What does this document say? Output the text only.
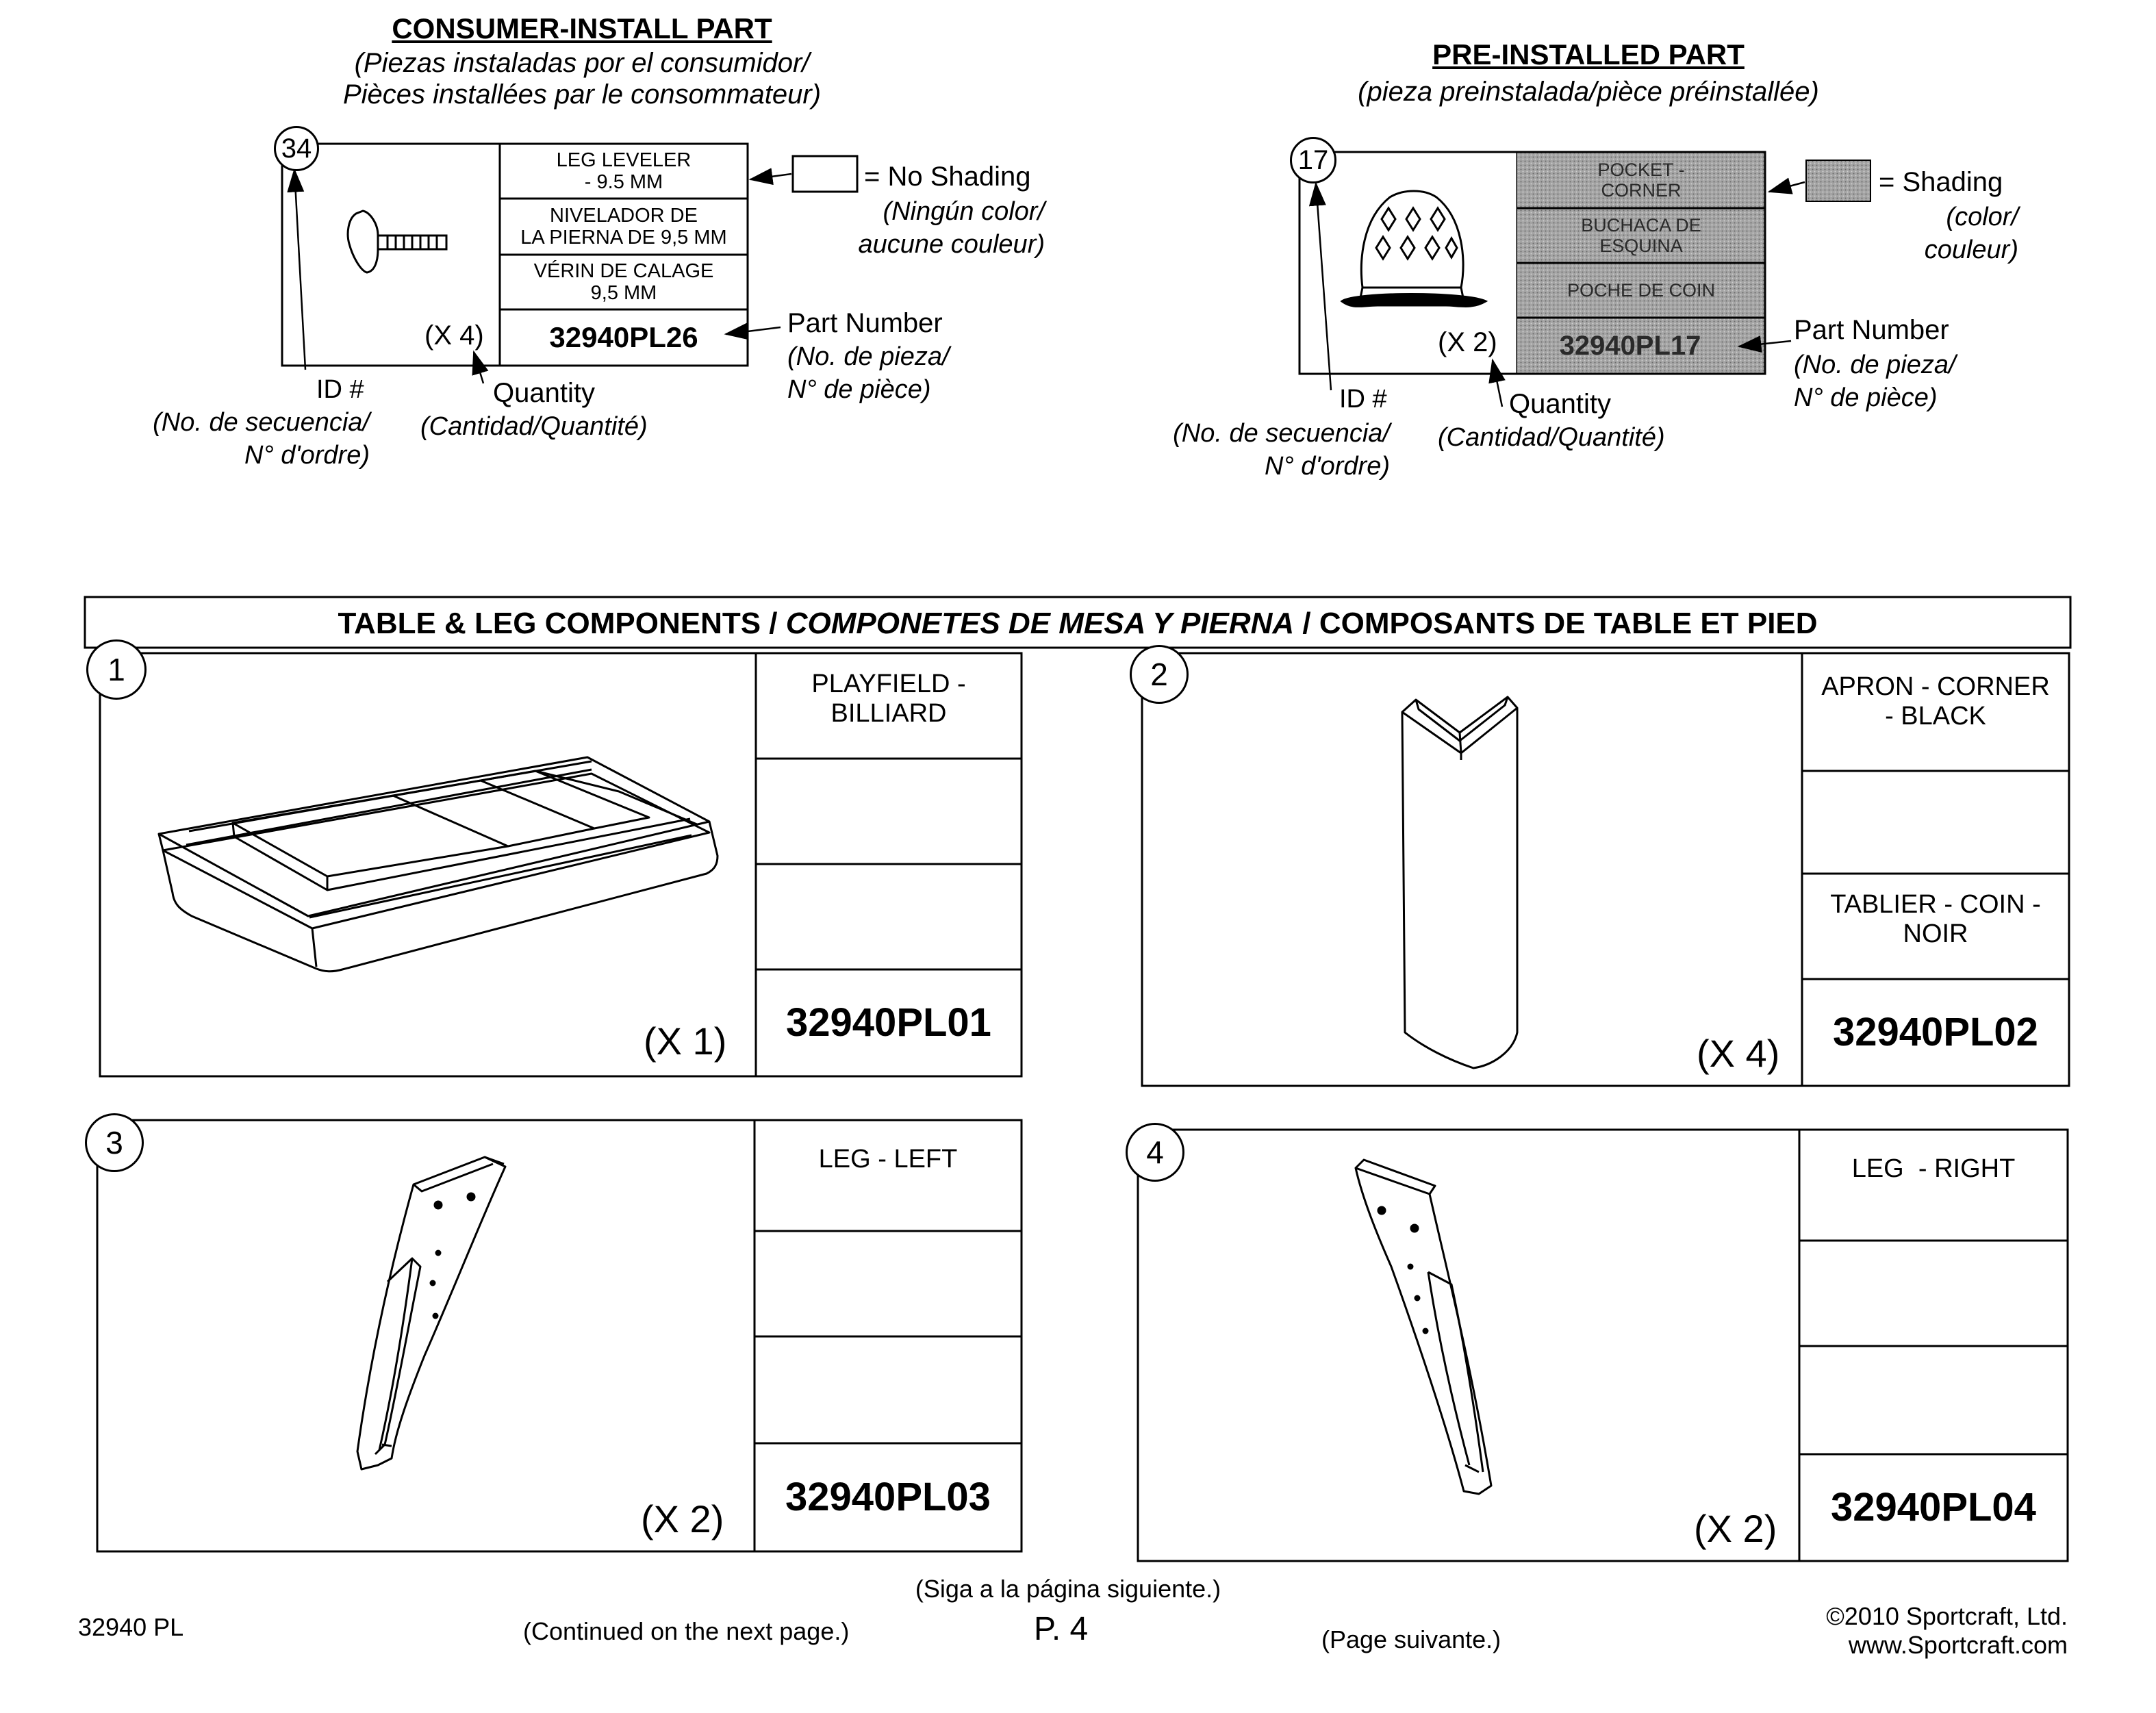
CONSUMER-INSTALL PART
(Piezas instaladas por el consumidor/
Pièces installées par le consommateur)
34	LEG LEVELER
- 9.5 MM
NIVELADOR DE
LA PIERNA DE 9,5 MM
VÉRIN DE CALAGE
9,5 MM
32940PL26
(X 4)
= No Shading
(Ningún color/
aucune couleur)
Part Number
(No. de pieza/
N° de pièce)
ID #
(No. de secuencia/
N° d'ordre)
Quantity
(Cantidad/Quantité)
PRE-INSTALLED PART
(pieza preinstalada/pièce préinstallée)
17	POCKET -
CORNER
BUCHACA DE
ESQUINA
POCHE DE COIN
32940PL17
(X 2)
= Shading
(color/
couleur)
Part Number
(No. de pieza/
N° de pièce)
ID #
(No. de secuencia/
N° d'ordre)
Quantity
(Cantidad/Quantité)
TABLE & LEG COMPONENTS / COMPONETES DE MESA Y PIERNA / COMPOSANTS DE TABLE ET PIED
1	PLAYFIELD -
BILLIARD
32940PL01
(X 1)
2	APRON - CORNER
- BLACK
TABLIER - COIN -
NOIR
32940PL02
(X 4)
3	LEG - LEFT
32940PL03
(X 2)
4	LEG  - RIGHT
32940PL04
(X 2)
32940 PL
(Siga a la página siguiente.)
(Continued on the next page.)	P. 4	(Page suivante.)
©2010 Sportcraft, Ltd.
www.Sportcraft.com
